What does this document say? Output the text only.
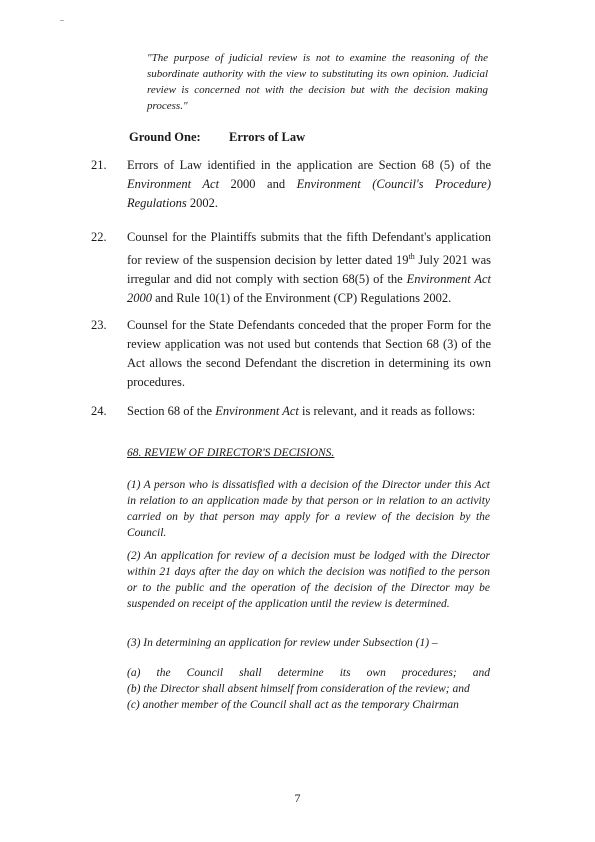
"The purpose of judicial review is not to examine the reasoning of the subordinate authority with the view to substituting its own opinion. Judicial review is concerned not with the decision but with the decision making process."
Ground One: Errors of Law
21. Errors of Law identified in the application are Section 68 (5) of the Environment Act 2000 and Environment (Council's Procedure) Regulations 2002.
22. Counsel for the Plaintiffs submits that the fifth Defendant's application for review of the suspension decision by letter dated 19th July 2021 was irregular and did not comply with section 68(5) of the Environment Act 2000 and Rule 10(1) of the Environment (CP) Regulations 2002.
23. Counsel for the State Defendants conceded that the proper Form for the review application was not used but contends that Section 68 (3) of the Act allows the second Defendant the discretion in determining its own procedures.
24. Section 68 of the Environment Act is relevant, and it reads as follows:
68. REVIEW OF DIRECTOR'S DECISIONS.
(1) A person who is dissatisfied with a decision of the Director under this Act in relation to an application made by that person or in relation to an activity carried on by that person may apply for a review of the decision by the Council.
(2) An application for review of a decision must be lodged with the Director within 21 days after the day on which the decision was notified to the person or to the public and the operation of the decision of the Director may be suspended on receipt of the application until the review is determined.
(3) In determining an application for review under Subsection (1) –
(a) the Council shall determine its own procedures; and
(b) the Director shall absent himself from consideration of the review; and
(c) another member of the Council shall act as the temporary Chairman
7
